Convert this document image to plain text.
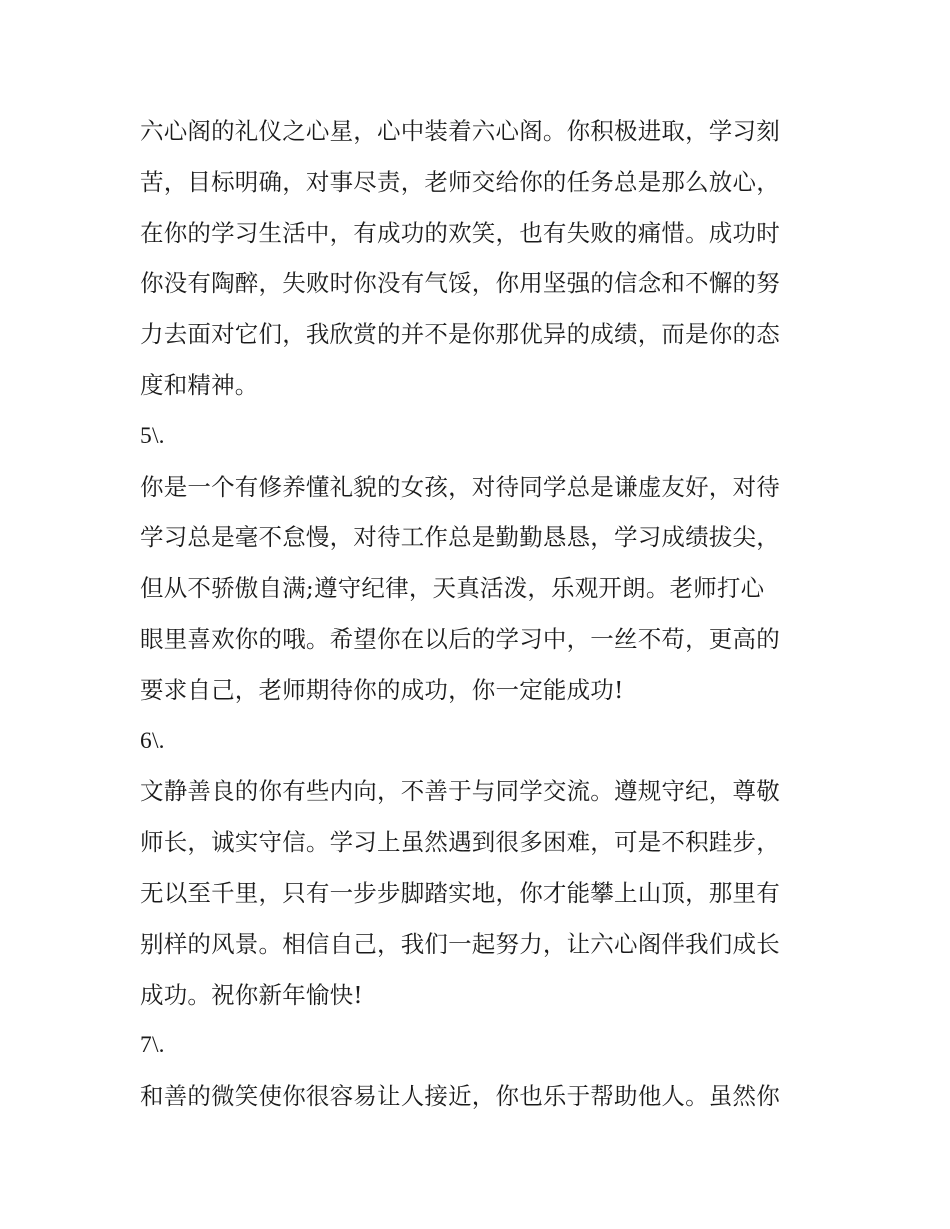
六心阁的礼仪之心星，心中装着六心阁。你积极进取，学习刻
苦，目标明确，对事尽责，老师交给你的任务总是那么放心，
在你的学习生活中，有成功的欢笑，也有失败的痛惜。成功时
你没有陶醉，失败时你没有气馁，你用坚强的信念和不懈的努
力去面对它们，我欣赏的并不是你那优异的成绩，而是你的态
度和精神。
5\.
你是一个有修养懂礼貌的女孩，对待同学总是谦虚友好，对待
学习总是毫不怠慢，对待工作总是勤勤恳恳，学习成绩拔尖，
但从不骄傲自满;遵守纪律，天真活泼，乐观开朗。老师打心
眼里喜欢你的哦。希望你在以后的学习中，一丝不苟，更高的
要求自己，老师期待你的成功，你一定能成功!
6\.
文静善良的你有些内向，不善于与同学交流。遵规守纪，尊敬
师长，诚实守信。学习上虽然遇到很多困难，可是不积跬步，
无以至千里，只有一步步脚踏实地，你才能攀上山顶，那里有
别样的风景。相信自己，我们一起努力，让六心阁伴我们成长
成功。祝你新年愉快!
7\.
和善的微笑使你很容易让人接近，你也乐于帮助他人。虽然你
